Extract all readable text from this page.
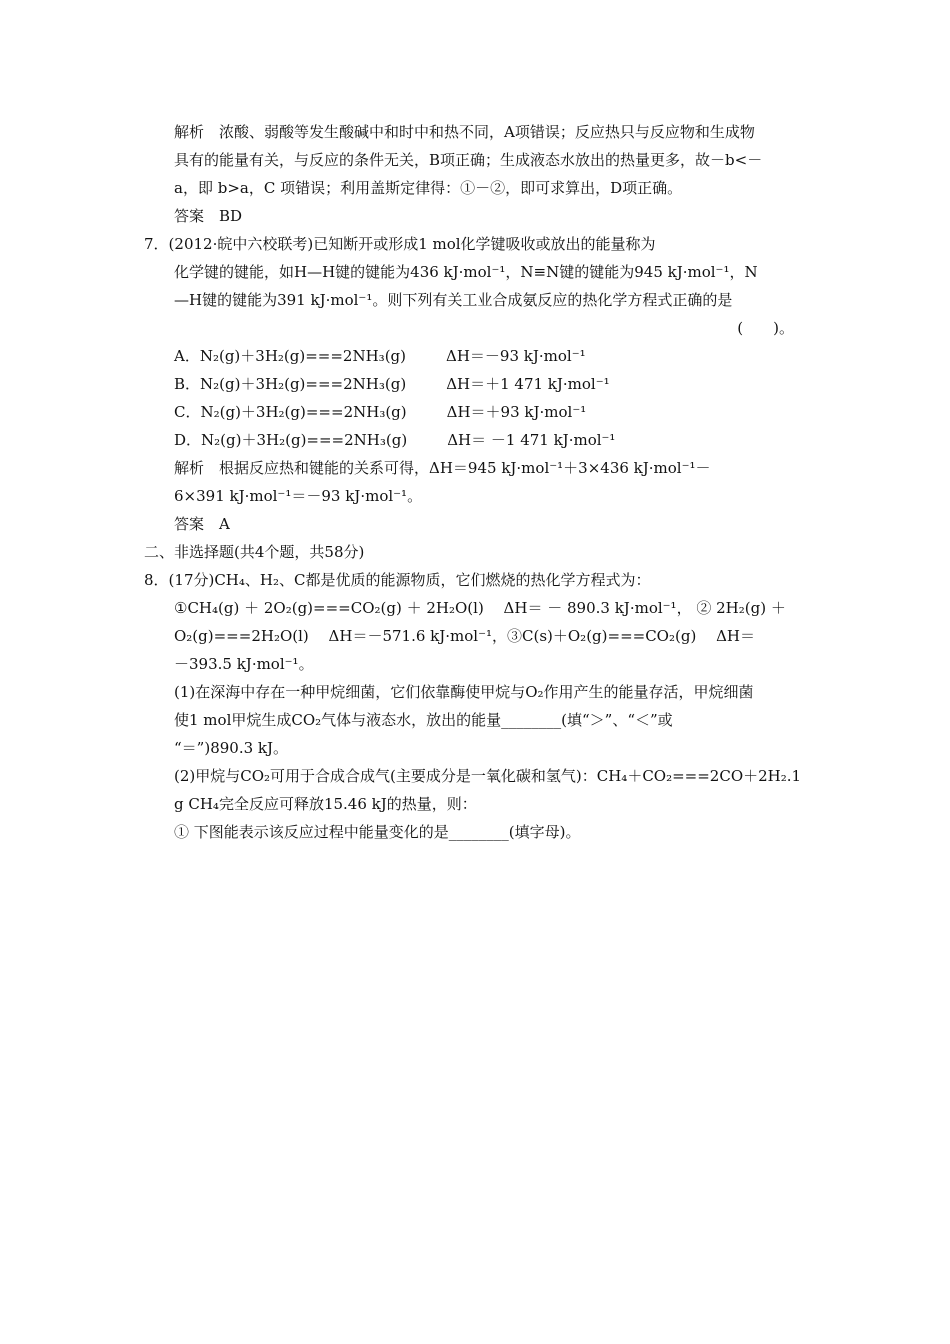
解析　浓酸、弱酸等发生酸碱中和时中和热不同，A项错误；反应热只与反应物和生成物
具有的能量有关，与反应的条件无关，B项正确；生成液态水放出的热量更多，故－b<－
a，即 b>a，C 项错误；利用盖斯定律得：①－②，即可求算出，D项正确。
答案　BD
7．(2012·皖中六校联考)已知断开或形成1 mol化学键吸收或放出的能量称为
化学键的键能，如H—H键的键能为436 kJ·mol⁻¹，N≡N键的键能为945 kJ·mol⁻¹，N
—H键的键能为391 kJ·mol⁻¹。则下列有关工业合成氨反应的热化学方程式正确的是
(　　)。
A．N₂(g)＋3H₂(g)===2NH₃(g)	ΔH＝－93 kJ·mol⁻¹
B．N₂(g)＋3H₂(g)===2NH₃(g)	ΔH＝＋1 471 kJ·mol⁻¹
C．N₂(g)＋3H₂(g)===2NH₃(g)	ΔH＝＋93 kJ·mol⁻¹
D．N₂(g)＋3H₂(g)===2NH₃(g)	ΔH＝ －1 471 kJ·mol⁻¹
解析　根据反应热和键能的关系可得，ΔH＝945 kJ·mol⁻¹＋3×436 kJ·mol⁻¹－
6×391 kJ·mol⁻¹＝－93 kJ·mol⁻¹。
答案　A
二、非选择题(共4个题，共58分)
8．(17分)CH₄、H₂、C都是优质的能源物质，它们燃烧的热化学方程式为：
①CH₄(g) ＋ 2O₂(g)===CO₂(g) ＋ 2H₂O(l)　 ΔH＝ － 890.3 kJ·mol⁻¹， ② 2H₂(g) ＋
O₂(g)===2H₂O(l)　 ΔH＝－571.6 kJ·mol⁻¹，③C(s)＋O₂(g)===CO₂(g)　 ΔH＝
－393.5 kJ·mol⁻¹。
(1)在深海中存在一种甲烷细菌，它们依靠酶使甲烷与O₂作用产生的能量存活，甲烷细菌
使1 mol甲烷生成CO₂气体与液态水，放出的能量________(填“＞”、“＜”或
“＝”)890.3 kJ。
(2)甲烷与CO₂可用于合成合成气(主要成分是一氧化碳和氢气)：CH₄＋CO₂===2CO＋2H₂.1
g CH₄完全反应可释放15.46 kJ的热量，则：
① 下图能表示该反应过程中能量变化的是________(填字母)。
